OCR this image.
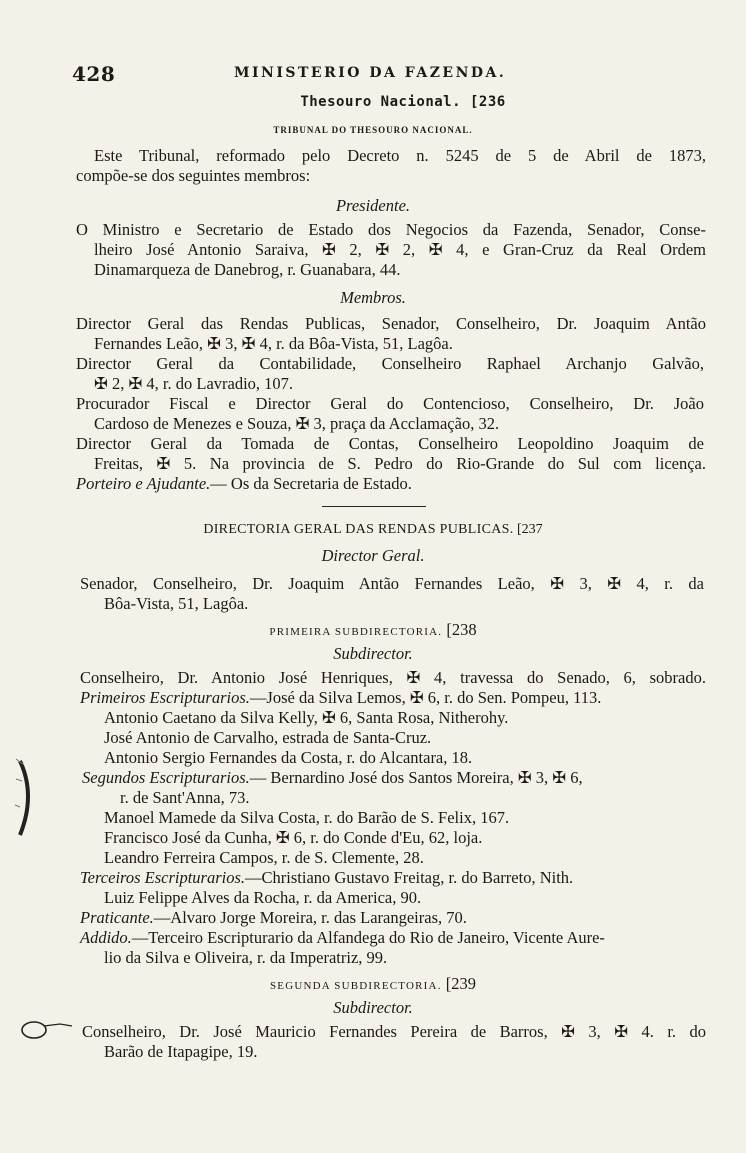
428	MINISTERIO DA FAZENDA.
Thesouro Nacional. [236
TRIBUNAL DO THESOURO NACIONAL.
Este Tribunal, reformado pelo Decreto n. 5245 de 5 de Abril de 1873,
compõe-se dos seguintes membros:
Presidente.
O Ministro e Secretario de Estado dos Negocios da Fazenda, Senador, Conse-
lheiro José Antonio Saraiva, ✠ 2, ✠ 2, ✠ 4, e Gran-Cruz da Real Ordem
Dinamarqueza de Danebrog, r. Guanabara, 44.
Membros.
Director Geral das Rendas Publicas, Senador, Conselheiro, Dr. Joaquim Antão
Fernandes Leão, ✠ 3, ✠ 4, r. da Bôa-Vista, 51, Lagôa.
Director Geral da Contabilidade, Conselheiro Raphael Archanjo Galvão,
✠ 2, ✠ 4, r. do Lavradio, 107.
Procurador Fiscal e Director Geral do Contencioso, Conselheiro, Dr. João
Cardoso de Menezes e Souza, ✠ 3, praça da Acclamação, 32.
Director Geral da Tomada de Contas, Conselheiro Leopoldino Joaquim de
Freitas, ✠ 5. Na provincia de S. Pedro do Rio-Grande do Sul com licença.
Porteiro e Ajudante.— Os da Secretaria de Estado.
DIRECTORIA GERAL DAS RENDAS PUBLICAS. [237
Director Geral.
Senador, Conselheiro, Dr. Joaquim Antão Fernandes Leão, ✠ 3, ✠ 4, r. da
Bôa-Vista, 51, Lagôa.
PRIMEIRA SUBDIRECTORIA. [238
Subdirector.
Conselheiro, Dr. Antonio José Henriques, ✠ 4, travessa do Senado, 6, sobrado.
Primeiros Escripturarios.—José da Silva Lemos, ✠ 6, r. do Sen. Pompeu, 113.
Antonio Caetano da Silva Kelly, ✠ 6, Santa Rosa, Nitherohy.
José Antonio de Carvalho, estrada de Santa-Cruz.
Antonio Sergio Fernandes da Costa, r. do Alcantara, 18.
Segundos Escripturarios.— Bernardino José dos Santos Moreira, ✠ 3, ✠ 6,
r. de Sant'Anna, 73.
Manoel Mamede da Silva Costa, r. do Barão de S. Felix, 167.
Francisco José da Cunha, ✠ 6, r. do Conde d'Eu, 62, loja.
Leandro Ferreira Campos, r. de S. Clemente, 28.
Terceiros Escripturarios.—Christiano Gustavo Freitag, r. do Barreto, Nith.
Luiz Felippe Alves da Rocha, r. da America, 90.
Praticante.—Alvaro Jorge Moreira, r. das Larangeiras, 70.
Addido.—Terceiro Escripturario da Alfandega do Rio de Janeiro, Vicente Aure-
lio da Silva e Oliveira, r. da Imperatriz, 99.
SEGUNDA SUBDIRECTORIA. [239
Subdirector.
Conselheiro, Dr. José Mauricio Fernandes Pereira de Barros, ✠ 3, ✠ 4. r. do
Barão de Itapagipe, 19.
